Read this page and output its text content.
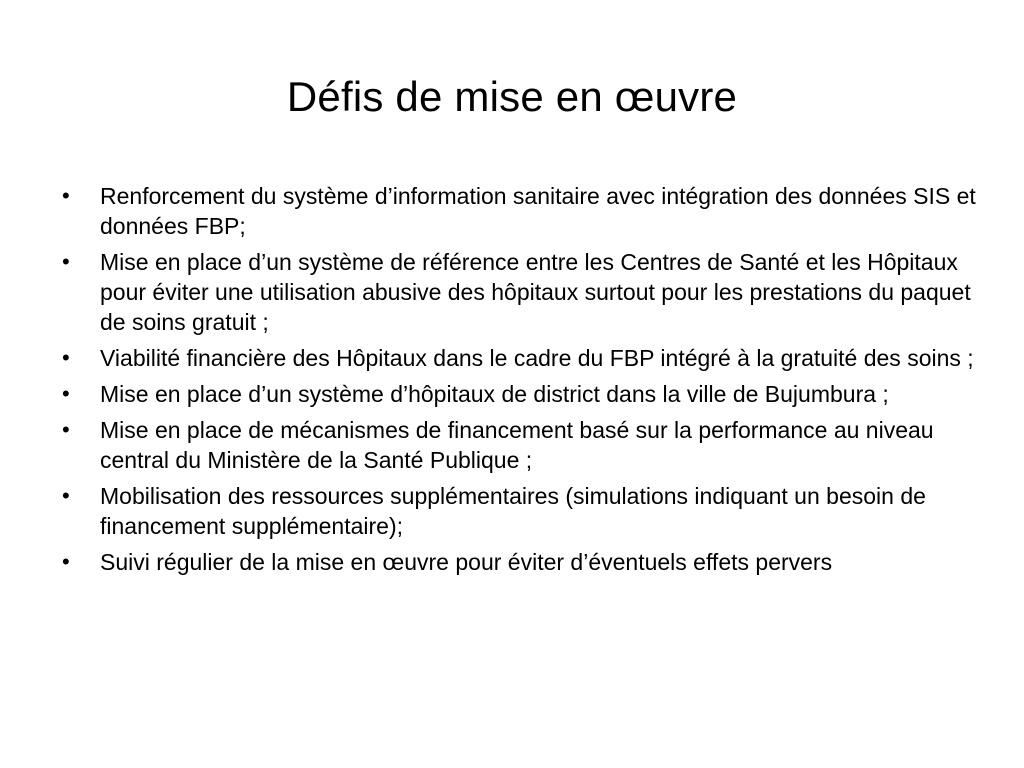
Défis de mise en œuvre
•	Renforcement du système d’information sanitaire avec intégration des données SIS et données FBP;
•	Mise en place d’un système de référence entre les Centres de Santé et les Hôpitaux pour éviter une utilisation abusive des hôpitaux surtout pour les prestations du paquet de soins gratuit ;
•	Viabilité financière des Hôpitaux dans le cadre du FBP intégré à la gratuité des soins ;
•	Mise en place d’un système d’hôpitaux de district dans la ville de Bujumbura ;
•	Mise en place de mécanismes de financement basé sur la performance au niveau central du Ministère de la Santé Publique ;
•	Mobilisation des ressources supplémentaires (simulations indiquant un besoin de financement supplémentaire);
•	Suivi régulier de la mise en œuvre pour éviter d’éventuels effets pervers
